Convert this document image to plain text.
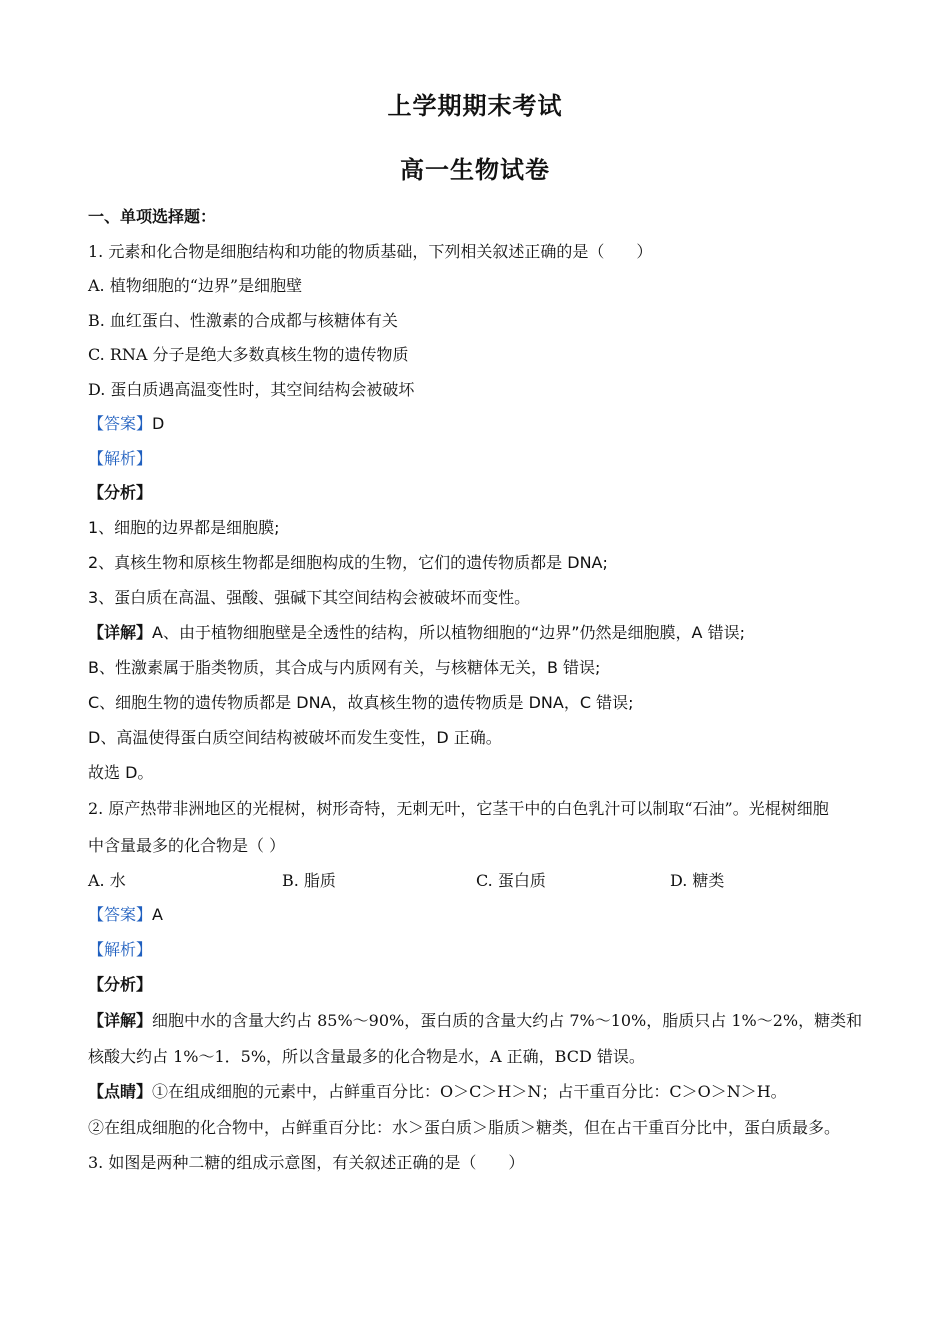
上学期期末考试
高一生物试卷
一、单项选择题：
1. 元素和化合物是细胞结构和功能的物质基础，下列相关叙述正确的是（　　）
A. 植物细胞的“边界”是细胞壁
B. 血红蛋白、性激素的合成都与核糖体有关
C. RNA 分子是绝大多数真核生物的遗传物质
D. 蛋白质遇高温变性时，其空间结构会被破坏
【答案】D
【解析】
【分析】
1、细胞的边界都是细胞膜;
2、真核生物和原核生物都是细胞构成的生物，它们的遗传物质都是 DNA;
3、蛋白质在高温、强酸、强碱下其空间结构会被破坏而变性。
【详解】A、由于植物细胞壁是全透性的结构，所以植物细胞的“边界”仍然是细胞膜，A 错误;
B、性激素属于脂类物质，其合成与内质网有关，与核糖体无关，B 错误;
C、细胞生物的遗传物质都是 DNA，故真核生物的遗传物质是 DNA，C 错误;
D、高温使得蛋白质空间结构被破坏而发生变性，D 正确。
故选 D。
2. 原产热带非洲地区的光棍树，树形奇特，无刺无叶，它茎干中的白色乳汁可以制取“石油”。光棍树细胞
中含量最多的化合物是（ ）
A. 水	B. 脂质	C. 蛋白质	D. 糖类
【答案】A
【解析】
【分析】
【详解】细胞中水的含量大约占 85%～90%，蛋白质的含量大约占 7%～10%，脂质只占 1%～2%，糖类和
核酸大约占 1%～1．5%，所以含量最多的化合物是水，A 正确，BCD 错误。
【点睛】①在组成细胞的元素中，占鲜重百分比：O＞C＞H＞N；占干重百分比：C＞O＞N＞H。
②在组成细胞的化合物中，占鲜重百分比：水＞蛋白质＞脂质＞糖类，但在占干重百分比中，蛋白质最多。
3. 如图是两种二糖的组成示意图，有关叙述正确的是（　　）
